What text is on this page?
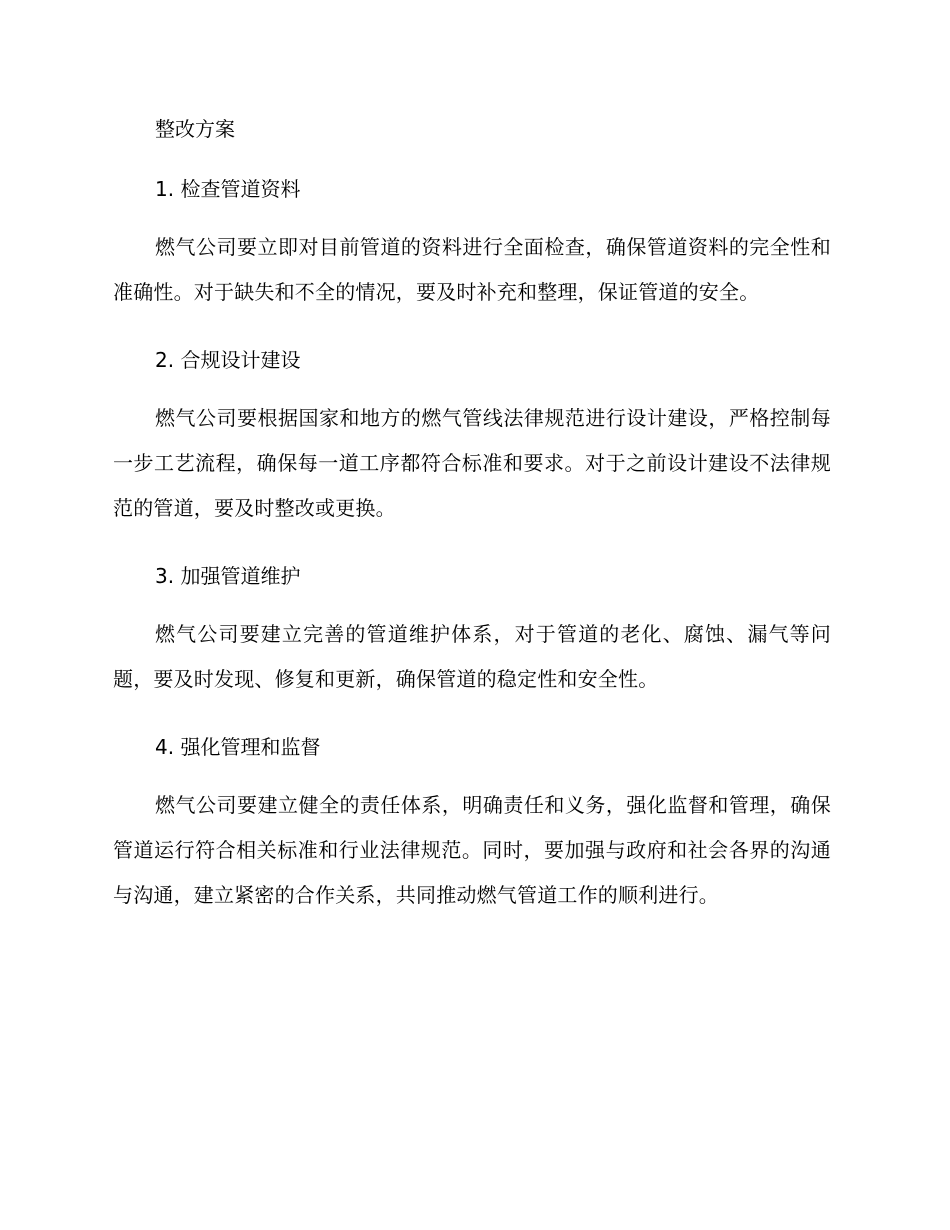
整改方案
1. 检查管道资料

燃气公司要立即对目前管道的资料进行全面检查，确保管道资料的完全性和准确性。对于缺失和不全的情况，要及时补充和整理，保证管道的安全。

2. 合规设计建设

燃气公司要根据国家和地方的燃气管线法律规范进行设计建设，严格控制每一步工艺流程，确保每一道工序都符合标准和要求。对于之前设计建设不法律规范的管道，要及时整改或更换。

3. 加强管道维护

燃气公司要建立完善的管道维护体系，对于管道的老化、腐蚀、漏气等问题，要及时发现、修复和更新，确保管道的稳定性和安全性。

4. 强化管理和监督

燃气公司要建立健全的责任体系，明确责任和义务，强化监督和管理，确保管道运行符合相关标准和行业法律规范。同时，要加强与政府和社会各界的沟通与沟通，建立紧密的合作关系，共同推动燃气管道工作的顺利进行。
